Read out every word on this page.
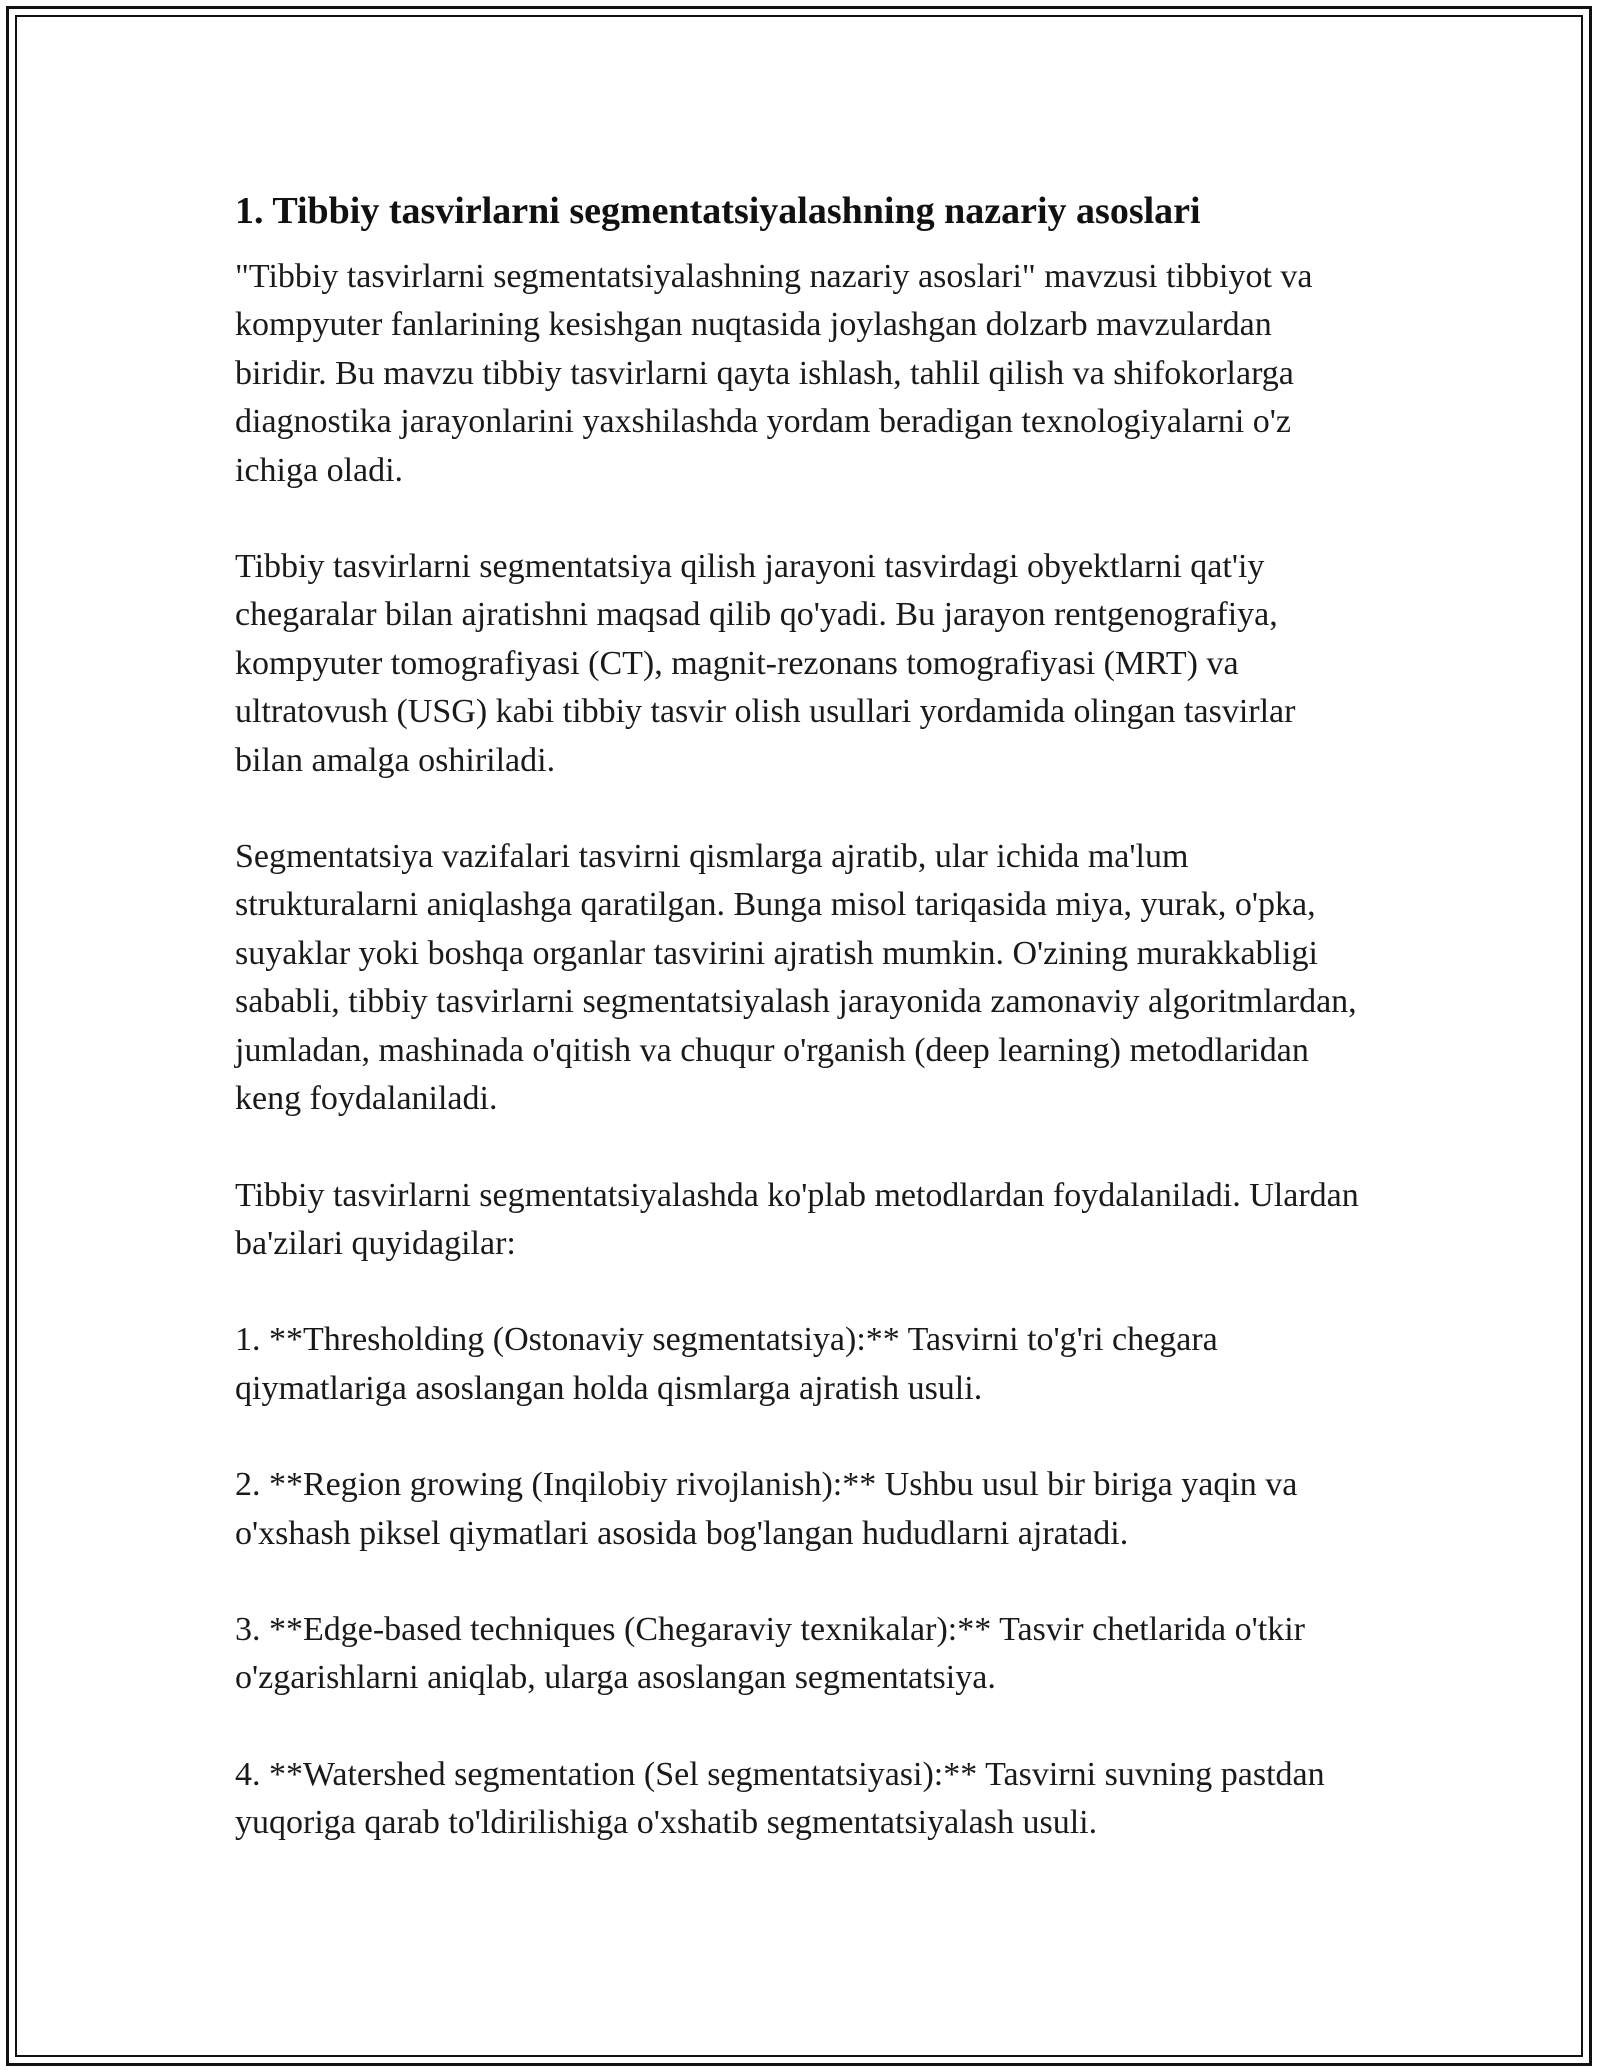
1. Tibbiy tasvirlarni segmentatsiyalashning nazariy asoslari

"Tibbiy tasvirlarni segmentatsiyalashning nazariy asoslari" mavzusi tibbiyot va kompyuter fanlarining kesishgan nuqtasida joylashgan dolzarb mavzulardan biridir. Bu mavzu tibbiy tasvirlarni qayta ishlash, tahlil qilish va shifokorlarga diagnostika jarayonlarini yaxshilashda yordam beradigan texnologiyalarni o'z ichiga oladi.

Tibbiy tasvirlarni segmentatsiya qilish jarayoni tasvirdagi obyektlarni qat'iy chegaralar bilan ajratishni maqsad qilib qo'yadi. Bu jarayon rentgenografiya, kompyuter tomografiyasi (CT), magnit-rezonans tomografiyasi (MRT) va ultratovush (USG) kabi tibbiy tasvir olish usullari yordamida olingan tasvirlar bilan amalga oshiriladi.

Segmentatsiya vazifalari tasvirni qismlarga ajratib, ular ichida ma'lum strukturalarni aniqlashga qaratilgan. Bunga misol tariqasida miya, yurak, o'pka, suyaklar yoki boshqa organlar tasvirini ajratish mumkin. O'zining murakkabligi sababli, tibbiy tasvirlarni segmentatsiyalash jarayonida zamonaviy algoritmlardan, jumladan, mashinada o'qitish va chuqur o'rganish (deep learning) metodlaridan keng foydalaniladi.

Tibbiy tasvirlarni segmentatsiyalashda ko'plab metodlardan foydalaniladi. Ulardan ba'zilari quyidagilar:

1. **Thresholding (Ostonaviy segmentatsiya):** Tasvirni to'g'ri chegara qiymatlariga asoslangan holda qismlarga ajratish usuli.

2. **Region growing (Inqilobiy rivojlanish):** Ushbu usul bir biriga yaqin va o'xshash piksel qiymatlari asosida bog'langan hududlarni ajratadi.

3. **Edge-based techniques (Chegaraviy texnikalar):** Tasvir chetlarida o'tkir o'zgarishlarni aniqlab, ularga asoslangan segmentatsiya.

4. **Watershed segmentation (Sel segmentatsiyasi):** Tasvirni suvning pastdan yuqoriga qarab to'ldirilishiga o'xshatib segmentatsiyalash usuli.
